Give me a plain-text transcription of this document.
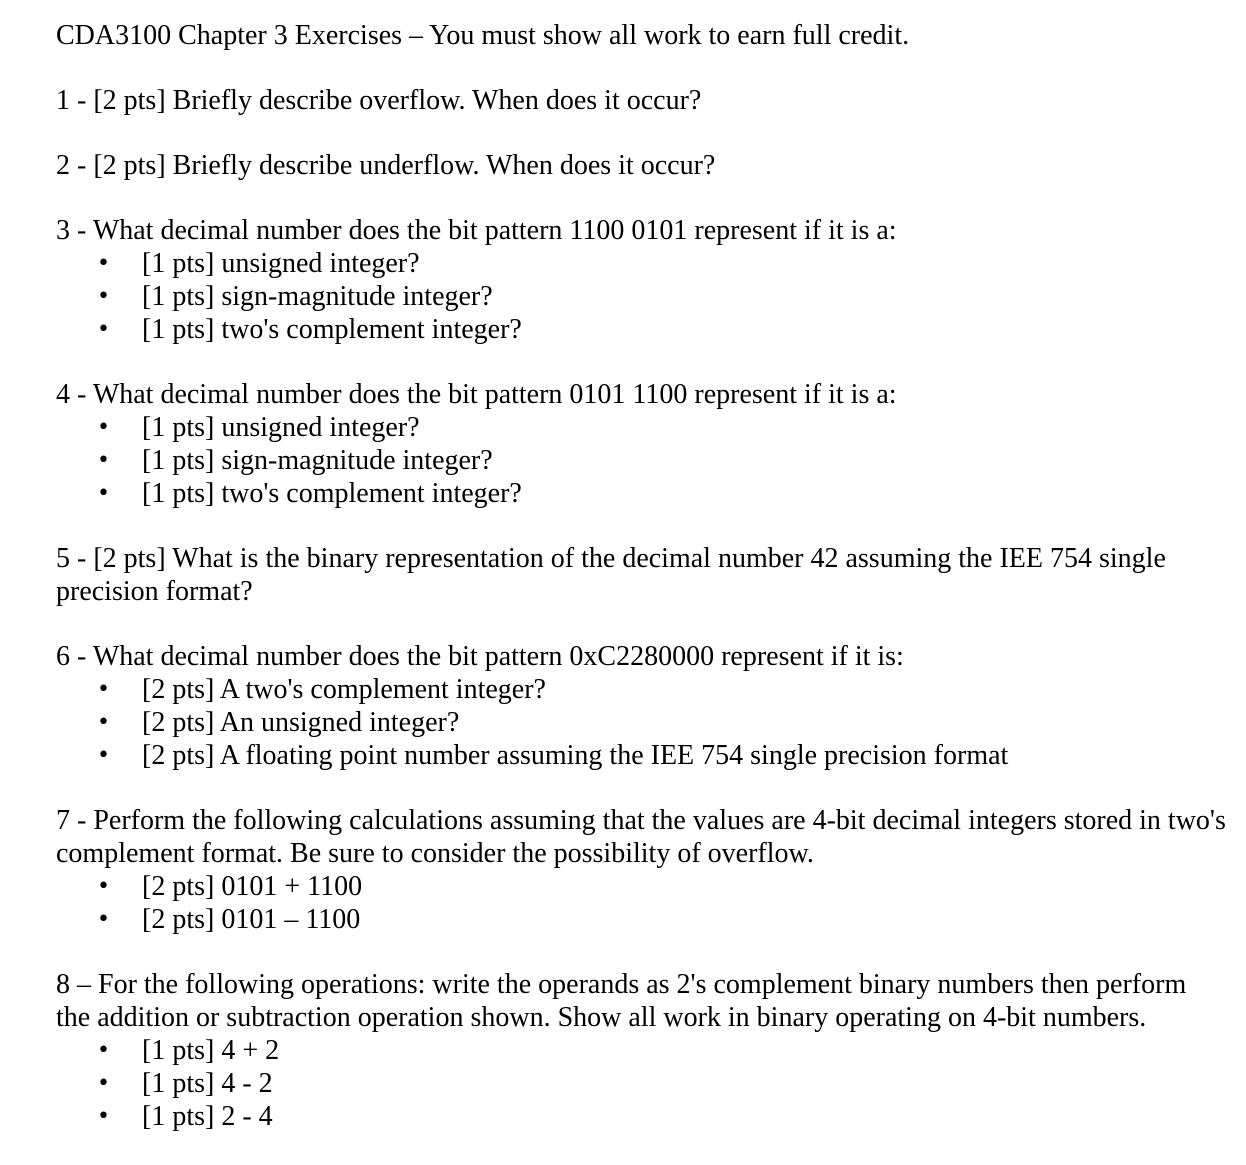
CDA3100 Chapter 3 Exercises – You must show all work to earn full credit.

1 - [2 pts] Briefly describe overflow. When does it occur?

2 - [2 pts] Briefly describe underflow. When does it occur?

3 - What decimal number does the bit pattern 1100 0101 represent if it is a:

• [1 pts] unsigned integer?
• [1 pts] sign-magnitude integer?
• [1 pts] two's complement integer?

4 - What decimal number does the bit pattern 0101 1100 represent if it is a:

• [1 pts] unsigned integer?
• [1 pts] sign-magnitude integer?
• [1 pts] two's complement integer?

5 - [2 pts] What is the binary representation of the decimal number 42 assuming the IEE 754 single precision format?

6 - What decimal number does the bit pattern 0xC2280000 represent if it is:

• [2 pts] A two's complement integer?
• [2 pts] An unsigned integer?
• [2 pts] A floating point number assuming the IEE 754 single precision format

7 - Perform the following calculations assuming that the values are 4-bit decimal integers stored in two's complement format. Be sure to consider the possibility of overflow.

• [2 pts] 0101 + 1100
• [2 pts] 0101 – 1100

8 – For the following operations: write the operands as 2's complement binary numbers then perform the addition or subtraction operation shown. Show all work in binary operating on 4-bit numbers.

• [1 pts] 4 + 2
• [1 pts] 4 - 2
• [1 pts] 2 - 4
